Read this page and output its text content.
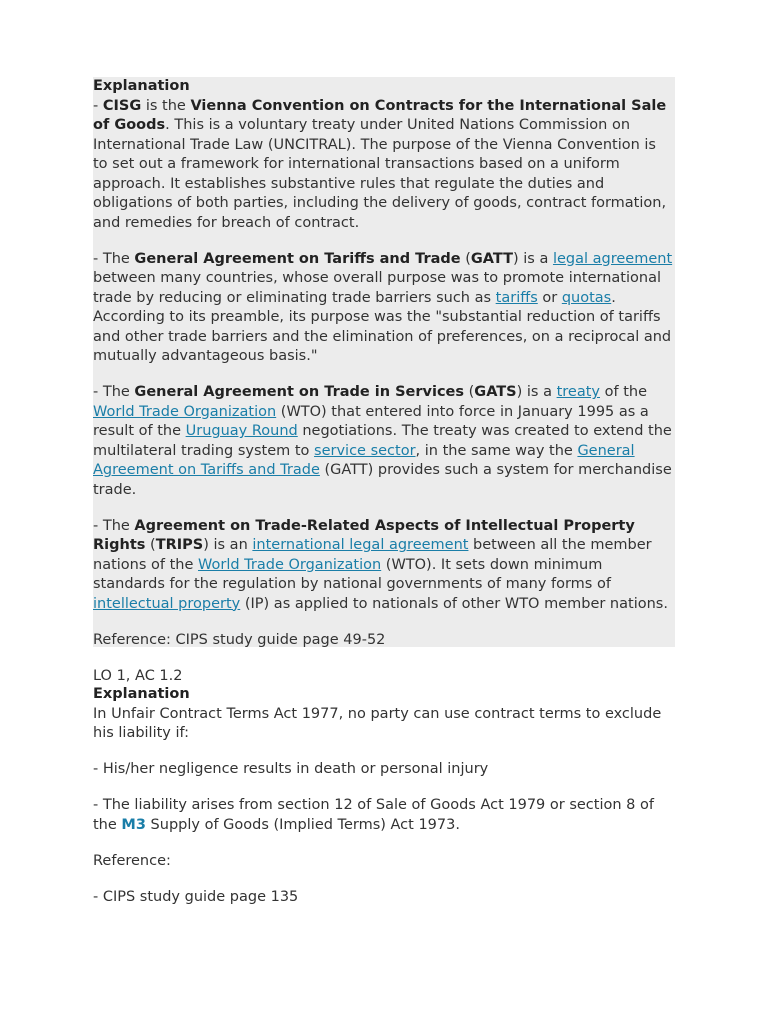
Explanation
- CISG is the Vienna Convention on Contracts for the International Sale of Goods. This is a voluntary treaty under United Nations Commission on International Trade Law (UNCITRAL). The purpose of the Vienna Convention is to set out a framework for international transactions based on a uniform approach. It establishes substantive rules that regulate the duties and obligations of both parties, including the delivery of goods, contract formation, and remedies for breach of contract.

- The General Agreement on Tariffs and Trade (GATT) is a legal agreement between many countries, whose overall purpose was to promote international trade by reducing or eliminating trade barriers such as tariffs or quotas. According to its preamble, its purpose was the "substantial reduction of tariffs and other trade barriers and the elimination of preferences, on a reciprocal and mutually advantageous basis."

- The General Agreement on Trade in Services (GATS) is a treaty of the World Trade Organization (WTO) that entered into force in January 1995 as a result of the Uruguay Round negotiations. The treaty was created to extend the multilateral trading system to service sector, in the same way the General Agreement on Tariffs and Trade (GATT) provides such a system for merchandise trade.

- The Agreement on Trade-Related Aspects of Intellectual Property Rights (TRIPS) is an international legal agreement between all the member nations of the World Trade Organization (WTO). It sets down minimum standards for the regulation by national governments of many forms of intellectual property (IP) as applied to nationals of other WTO member nations.

Reference: CIPS study guide page 49-52

LO 1, AC 1.2

Explanation
In Unfair Contract Terms Act 1977, no party can use contract terms to exclude his liability if:

- His/her negligence results in death or personal injury

- The liability arises from section 12 of Sale of Goods Act 1979 or section 8 of the M3 Supply of Goods (Implied Terms) Act 1973.

Reference:

- CIPS study guide page 135
